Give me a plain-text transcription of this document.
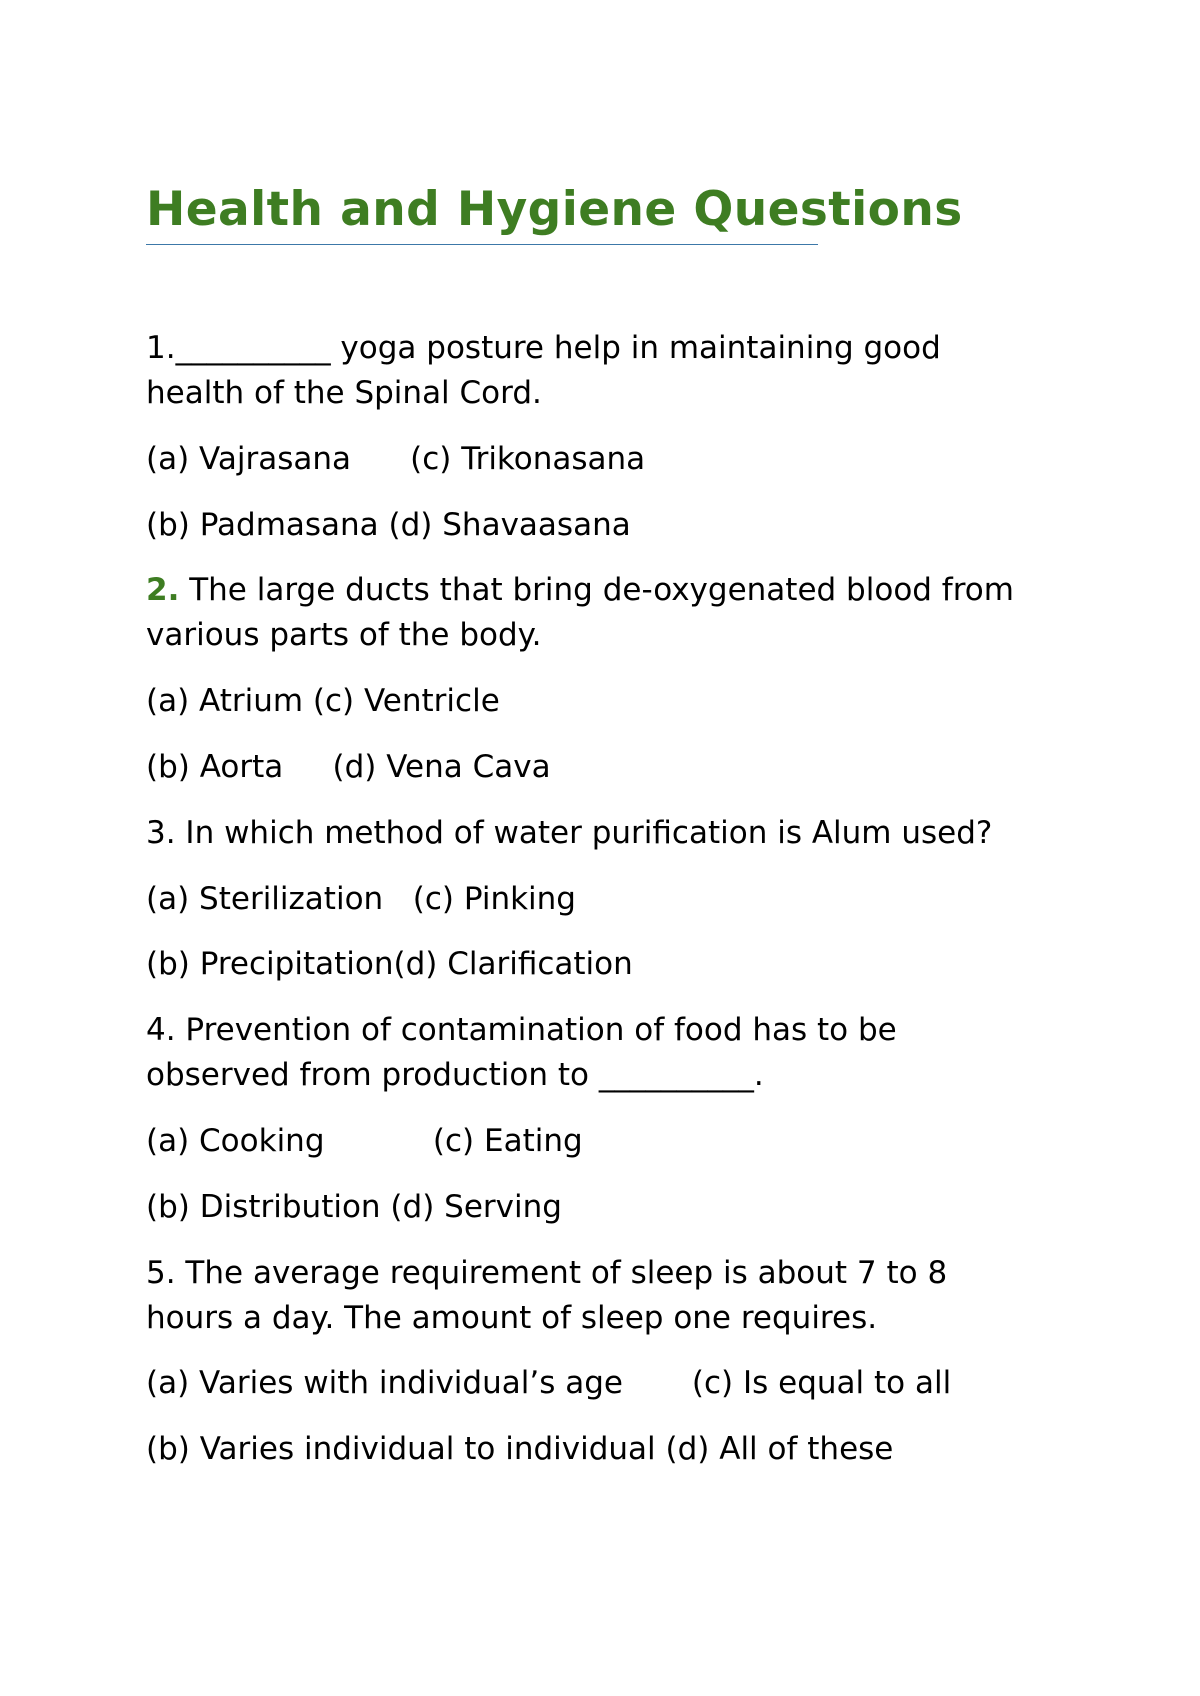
Health and Hygiene Questions

1.__________ yoga posture help in maintaining good

health of the Spinal Cord.

(a) Vajrasana      (c) Trikonasana

(b) Padmasana (d) Shavaasana

2. The large ducts that bring de-oxygenated blood from

various parts of the body.

(a) Atrium (c) Ventricle

(b) Aorta     (d) Vena Cava

3. In which method of water purification is Alum used?

(a) Sterilization   (c) Pinking

(b) Precipitation(d) Clarification

4. Prevention of contamination of food has to be

observed from production to __________.

(a) Cooking           (c) Eating

(b) Distribution (d) Serving

5. The average requirement of sleep is about 7 to 8

hours a day. The amount of sleep one requires.

(a) Varies with individual’s age       (c) Is equal to all

(b) Varies individual to individual (d) All of these
